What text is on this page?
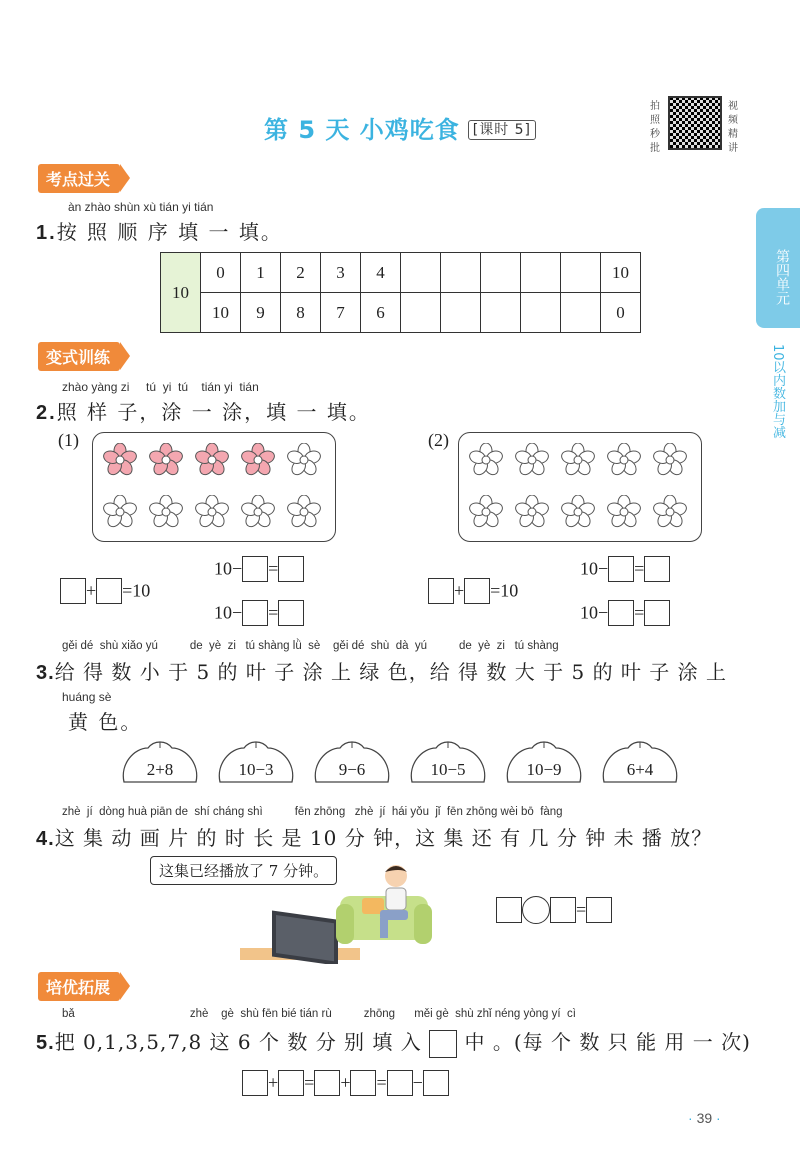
第 5 天 小鸡吃食 [课时 5]
拍照秒批
视频精讲
第四单元
10以内数加与减
考点过关
àn zhào shùn xù tián yi tián
1.按 照 顺 序 填 一 填。
10	0	1	2	3	4						10
	10	9	8	7	6						0
变式训练
zhào yàng zi     tú  yi  tú    tián yi  tián
2.照 样 子，涂 一 涂，填 一 填。
(1)	(2)
+ =10
10− =
10− =
+ =10
10− =
10− =
gěi dé  shù xiǎo yú          de  yè  zi   tú shàng lǜ  sè    gěi dé  shù  dà  yú          de  yè  zi   tú shàng
3.给 得 数 小 于 5 的 叶 子 涂 上 绿 色，给 得 数 大 于 5 的 叶 子 涂 上
huáng sè
黄 色。
2+8	10−3	9−6	10−5	10−9	6+4
zhè  jí  dòng huà piān de  shí cháng shì          fēn zhōng   zhè  jí  hái yǒu  jǐ  fēn zhōng wèi bō  fàng
4.这 集 动 画 片 的 时 长 是 10 分 钟，这 集 还 有 几 分 钟 未 播 放？
这集已经播放了 7 分钟。
=
培优拓展
bǎ                                    zhè    gè  shù fēn bié tián rù          zhōng      měi gè  shù zhǐ néng yòng yí  cì
5.把 0,1,3,5,7,8 这 6 个 数 分 别 填 入 中 。(每 个 数 只 能 用 一 次)
+ = + = −
· 39 ·
